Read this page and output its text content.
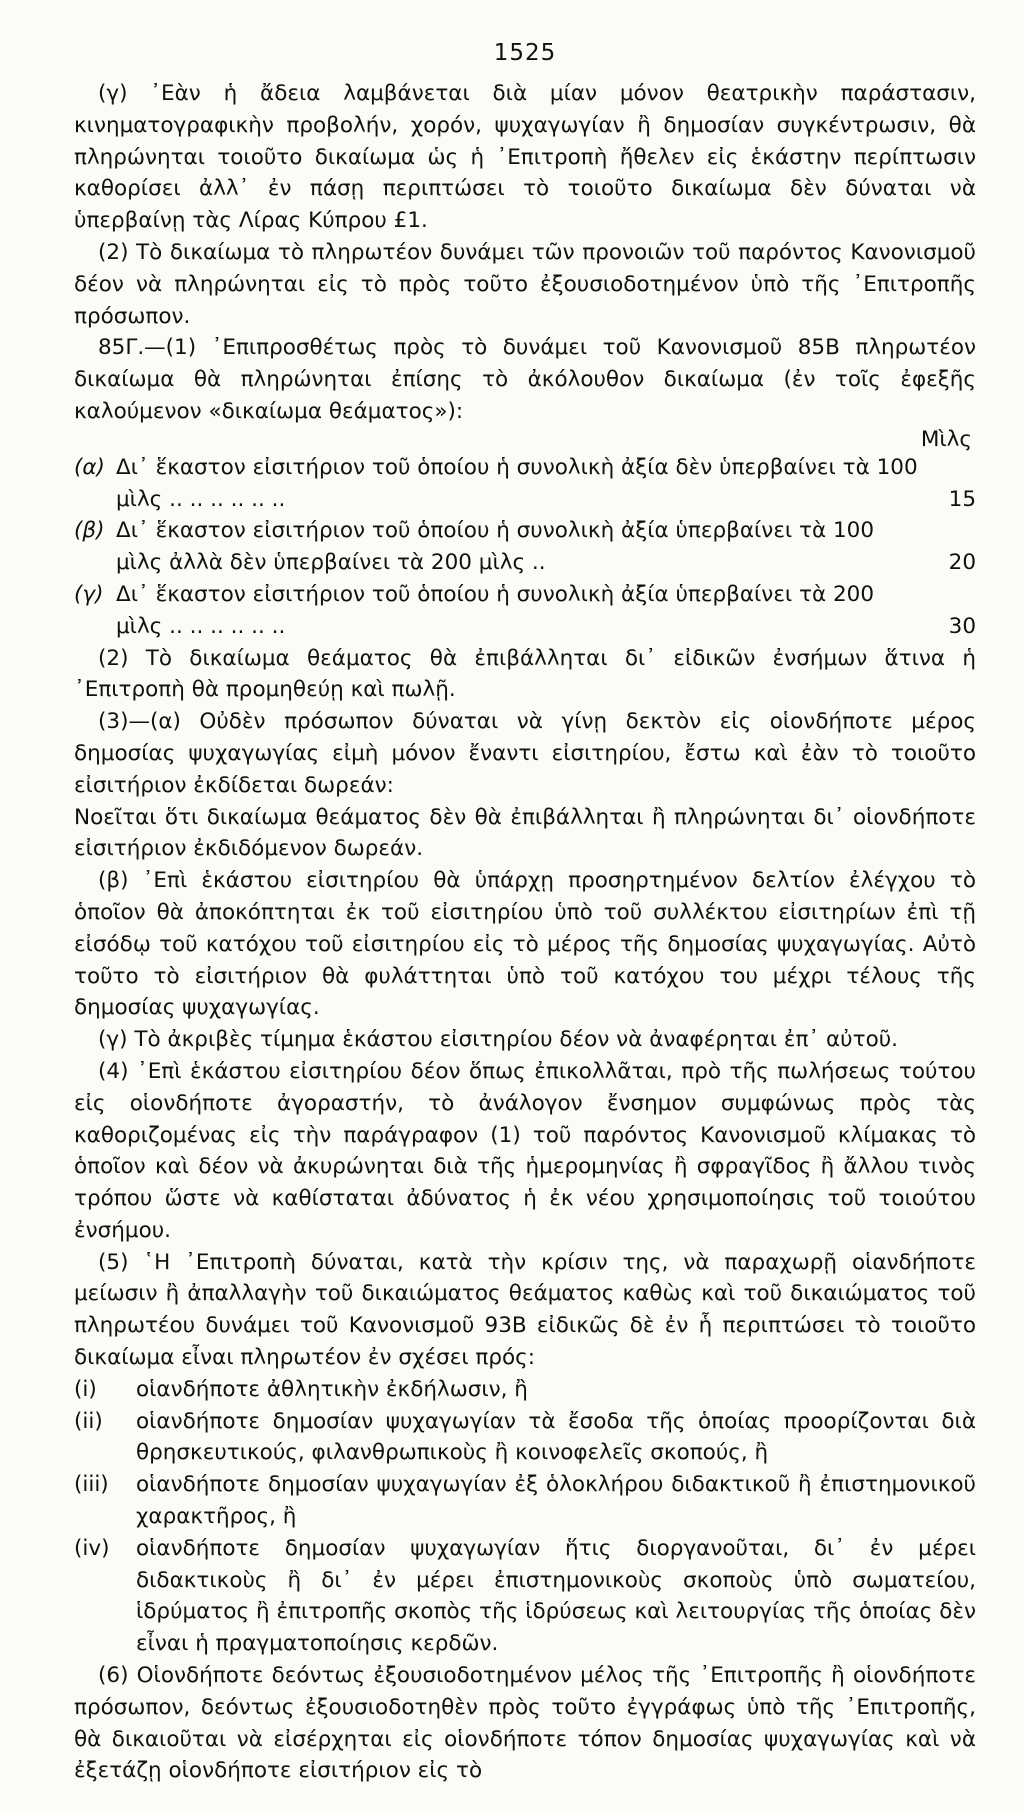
1525

(γ) ᾽Εὰν ἡ ἄδεια λαμβάνεται διὰ μίαν μόνον θεατρικὴν παράστασιν, κινηματογραφικὴν προβολήν, χορόν, ψυχαγωγίαν ἢ δημοσίαν συγκέντρωσιν, θὰ πληρώνηται τοιοῦτο δικαίωμα ὡς ἡ ᾽Επιτροπὴ ἤθελεν εἰς ἑκάστην περίπτωσιν καθορίσει ἀλλ᾽ ἐν πάσῃ περιπτώσει τὸ τοιοῦτο δικαίωμα δὲν δύναται νὰ ὑπερβαίνῃ τὰς Λίρας Κύπρου £1.

(2) Τὸ δικαίωμα τὸ πληρωτέον δυνάμει τῶν προνοιῶν τοῦ παρόντος Κανονισμοῦ δέον νὰ πληρώνηται εἰς τὸ πρὸς τοῦτο ἐξουσιοδοτημένον ὑπὸ τῆς ᾽Επιτροπῆς πρόσωπον.

85Γ.—(1) ᾽Επιπροσθέτως πρὸς τὸ δυνάμει τοῦ Κανονισμοῦ 85Β πληρωτέον δικαίωμα θὰ πληρώνηται ἐπίσης τὸ ἀκόλουθον δικαίωμα (ἐν τοῖς ἐφεξῆς καλούμενον «δικαίωμα θεάματος»):

Μὶλς
(α) Δι᾽ ἕκαστον εἰσιτήριον τοῦ ὁποίου ἡ συνολικὴ ἀξία δὲν ὑπερβαίνει τὰ 100 μὶλς .. .. .. .. .. ..	15
(β) Δι᾽ ἕκαστον εἰσιτήριον τοῦ ὁποίου ἡ συνολικὴ ἀξία ὑπερβαίνει τὰ 100 μὶλς ἀλλὰ δὲν ὑπερβαίνει τὰ 200 μὶλς ..	20
(γ) Δι᾽ ἕκαστον εἰσιτήριον τοῦ ὁποίου ἡ συνολικὴ ἀξία ὑπερβαίνει τὰ 200 μὶλς .. .. .. .. .. ..	30

(2) Τὸ δικαίωμα θεάματος θὰ ἐπιβάλληται δι᾽ εἰδικῶν ἐνσήμων ἅτινα ἡ ᾽Επιτροπὴ θὰ προμηθεύῃ καὶ πωλῇ.

(3)—(α) Οὐδὲν πρόσωπον δύναται νὰ γίνῃ δεκτὸν εἰς οἱονδήποτε μέρος δημοσίας ψυχαγωγίας εἰμὴ μόνον ἔναντι εἰσιτηρίου, ἔστω καὶ ἐὰν τὸ τοιοῦτο εἰσιτήριον ἐκδίδεται δωρεάν:

Νοεῖται ὅτι δικαίωμα θεάματος δὲν θὰ ἐπιβάλληται ἢ πληρώνηται δι᾽ οἱονδήποτε εἰσιτήριον ἐκδιδόμενον δωρεάν.

(β) ᾽Επὶ ἑκάστου εἰσιτηρίου θὰ ὑπάρχῃ προσηρτημένον δελτίον ἐλέγχου τὸ ὁποῖον θὰ ἀποκόπτηται ἐκ τοῦ εἰσιτηρίου ὑπὸ τοῦ συλλέκτου εἰσιτηρίων ἐπὶ τῇ εἰσόδῳ τοῦ κατόχου τοῦ εἰσιτηρίου εἰς τὸ μέρος τῆς δημοσίας ψυχαγωγίας. Αὐτὸ τοῦτο τὸ εἰσιτήριον θὰ φυλάττηται ὑπὸ τοῦ κατόχου του μέχρι τέλους τῆς δημοσίας ψυχαγωγίας.

(γ) Τὸ ἀκριβὲς τίμημα ἑκάστου εἰσιτηρίου δέον νὰ ἀναφέρηται ἐπ᾽ αὐτοῦ.

(4) ᾽Επὶ ἑκάστου εἰσιτηρίου δέον ὅπως ἐπικολλᾶται, πρὸ τῆς πωλήσεως τούτου εἰς οἱονδήποτε ἀγοραστήν, τὸ ἀνάλογον ἔνσημον συμφώνως πρὸς τὰς καθοριζομένας εἰς τὴν παράγραφον (1) τοῦ παρόντος Κανονισμοῦ κλίμακας τὸ ὁποῖον καὶ δέον νὰ ἀκυρώνηται διὰ τῆς ἡμερομηνίας ἢ σφραγῖδος ἢ ἄλλου τινὸς τρόπου ὥστε νὰ καθίσταται ἀδύνατος ἡ ἐκ νέου χρησιμοποίησις τοῦ τοιούτου ἐνσήμου.

(5) ῾Η ᾽Επιτροπὴ δύναται, κατὰ τὴν κρίσιν της, νὰ παραχωρῇ οἱανδήποτε μείωσιν ἢ ἀπαλλαγὴν τοῦ δικαιώματος θεάματος καθὼς καὶ τοῦ δικαιώματος τοῦ πληρωτέου δυνάμει τοῦ Κανονισμοῦ 93Β εἰδικῶς δὲ ἐν ἧ περιπτώσει τὸ τοιοῦτο δικαίωμα εἶναι πληρωτέον ἐν σχέσει πρός:

(i)	οἱανδήποτε ἀθλητικὴν ἐκδήλωσιν, ἢ
(ii)	οἱανδήποτε δημοσίαν ψυχαγωγίαν τὰ ἔσοδα τῆς ὁποίας προορίζονται διὰ θρησκευτικούς, φιλανθρωπικοὺς ἢ κοινοφελεῖς σκοπούς, ἢ
(iii)	οἱανδήποτε δημοσίαν ψυχαγωγίαν ἐξ ὁλοκλήρου διδακτικοῦ ἢ ἐπιστημονικοῦ χαρακτῆρος, ἢ
(iv)	οἱανδήποτε δημοσίαν ψυχαγωγίαν ἥτις διοργανοῦται, δι᾽ ἐν μέρει διδακτικοὺς ἢ δι᾽ ἐν μέρει ἐπιστημονικοὺς σκοποὺς ὑπὸ σωματείου, ἱδρύματος ἢ ἐπιτροπῆς σκοπὸς τῆς ἱδρύσεως καὶ λειτουργίας τῆς ὁποίας δὲν εἶναι ἡ πραγματοποίησις κερδῶν.

(6) Οἱονδήποτε δεόντως ἐξουσιοδοτημένον μέλος τῆς ᾽Επιτροπῆς ἢ οἱονδήποτε πρόσωπον, δεόντως ἐξουσιοδοτηθὲν πρὸς τοῦτο ἐγγράφως ὑπὸ τῆς ᾽Επιτροπῆς, θὰ δικαιοῦται νὰ εἰσέρχηται εἰς οἱονδήποτε τόπον δημοσίας ψυχαγωγίας καὶ νὰ ἐξετάζῃ οἱονδήποτε εἰσιτήριον εἰς τὸ
